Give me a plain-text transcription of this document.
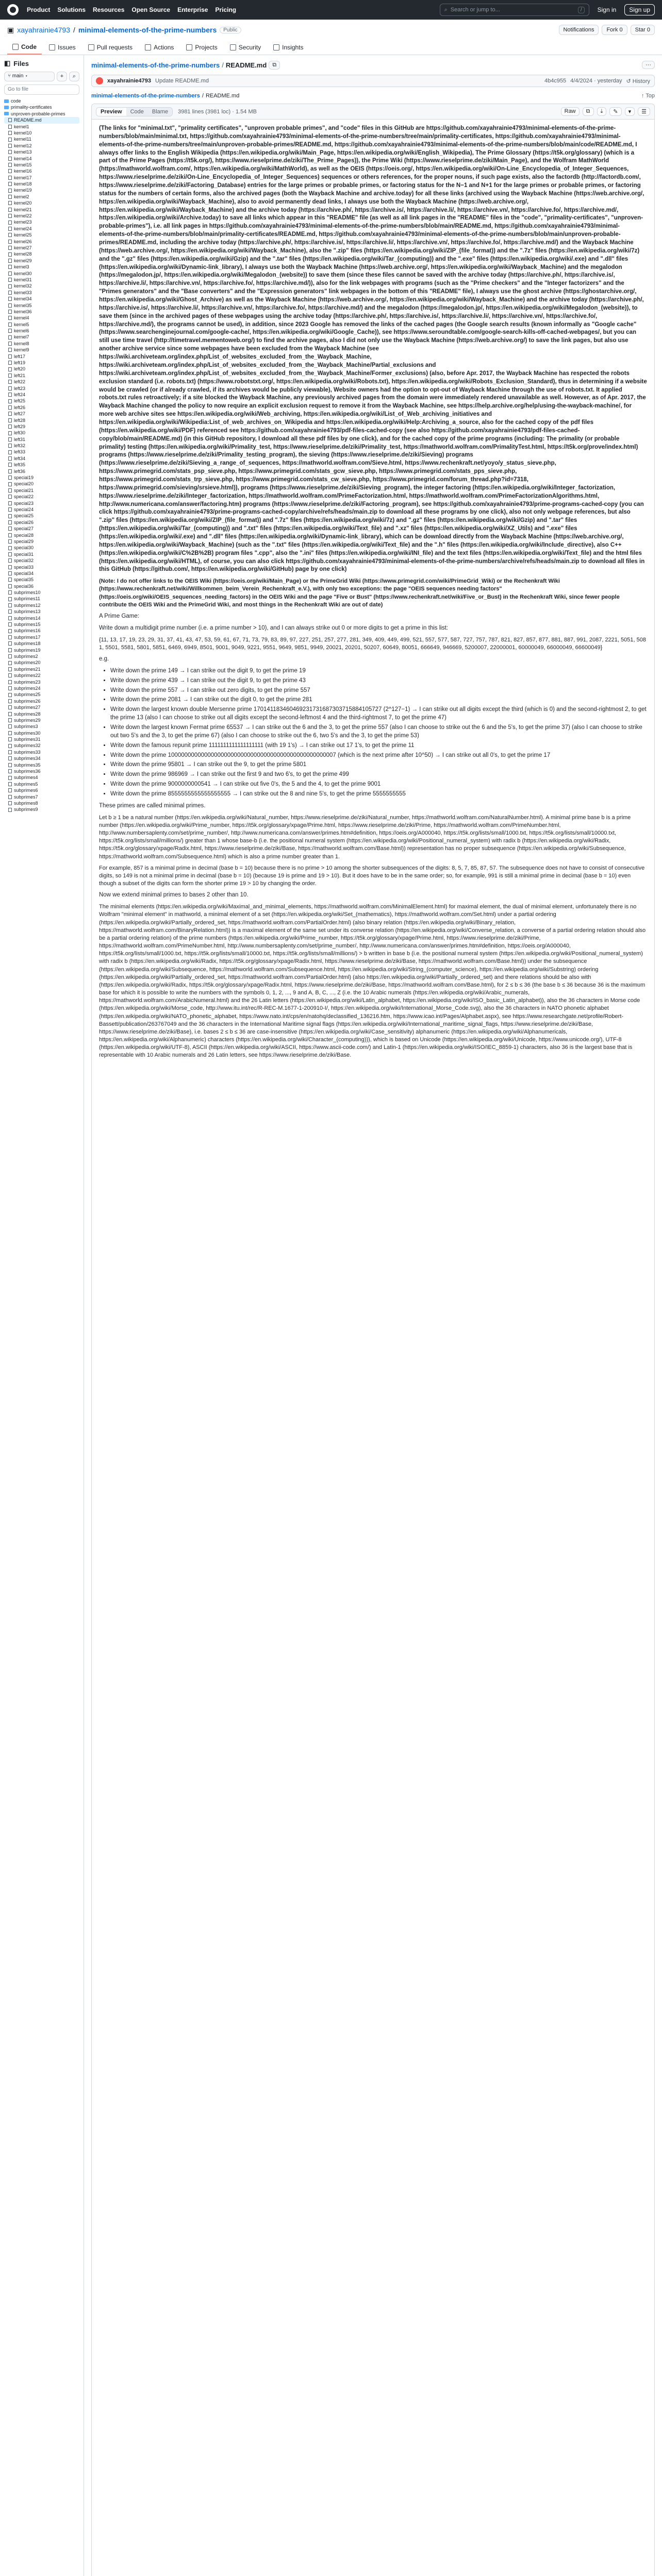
Product Solutions Resources Open Source Enterprise Pricing	⌕ Search or jump to...	/	Sign in	Sign up
▣ xayahrainie4793 / minimal-elements-of-the-prime-numbers	Public	Notifications	Fork 0	Star 0
Code	Issues	Pull requests	Actions	Projects	Security	Insights
◧ Files
⑂ main ▾	+	⌕
Go to file
code
primality-certificates
unproven-probable-primes
README.md
kernel1
kernel10
kernel11
kernel12
kernel13
kernel14
kernel15
kernel16
kernel17
kernel18
kernel19
kernel2
kernel20
kernel21
kernel22
kernel23
kernel24
kernel25
kernel26
kernel27
kernel28
kernel29
kernel3
kernel30
kernel31
kernel32
kernel33
kernel34
kernel35
kernel36
kernel4
kernel5
kernel6
kernel7
kernel8
kernel9
left17
left19
left20
left21
left22
left23
left24
left25
left26
left27
left28
left29
left30
left31
left32
left33
left34
left35
left36
special19
special20
special21
special22
special23
special24
special25
special26
special27
special28
special29
special30
special31
special32
special33
special34
special35
special36
subprimes10
subprimes11
subprimes12
subprimes13
subprimes14
subprimes15
subprimes16
subprimes17
subprimes18
subprimes19
subprimes2
subprimes20
subprimes21
subprimes22
subprimes23
subprimes24
subprimes25
subprimes26
subprimes27
subprimes28
subprimes29
subprimes3
subprimes30
subprimes31
subprimes32
subprimes33
subprimes34
subprimes35
subprimes36
subprimes4
subprimes5
subprimes6
subprimes7
subprimes8
subprimes9
minimal-elements-of-the-prime-numbers / README.md	⧉	···
xayahrainie4793 Update README.md	4b4c955 4/4/2024 · yesterday ↺ History
minimal-elements-of-the-prime-numbers / README.md	↑ Top
Preview	Code	Blame	3981 lines (3981 loc) · 1.54 MB	Raw	⧉	⤓	✎	▾	☰

(The links for "minimal.txt", "primality certificates", "unproven probable primes", and "code" files in this GitHub are https://github.com/xayahrainie4793/minimal-elements-of-the-prime-numbers/blob/main/minimal.txt, https://github.com/xayahrainie4793/minimal-elements-of-the-prime-numbers/tree/main/primality-certificates, https://github.com/xayahrainie4793/minimal-elements-of-the-prime-numbers/tree/main/unproven-probable-primes/README.md, https://github.com/xayahrainie4793/minimal-elements-of-the-prime-numbers/blob/main/code/README.md, I always offer links to the English Wikipedia (https://en.wikipedia.org/wiki/Main_Page, https://en.wikipedia.org/wiki/English_Wikipedia), The Prime Glossary (https://t5k.org/glossary) (which is a part of the Prime Pages (https://t5k.org/), https://www.rieselprime.de/ziki/The_Prime_Pages)), the Prime Wiki (https://www.rieselprime.de/ziki/Main_Page), and the Wolfram MathWorld (https://mathworld.wolfram.com/, https://en.wikipedia.org/wiki/MathWorld), as well as the OEIS (https://oeis.org/, https://en.wikipedia.org/wiki/On-Line_Encyclopedia_of_Integer_Sequences, https://www.rieselprime.de/ziki/On-Line_Encyclopedia_of_Integer_Sequences) sequences or others references, for the proper nouns, if such page exists, also the factordb (http://factordb.com/, https://www.rieselprime.de/ziki/Factoring_Database) entries for the large primes or probable primes, or factoring status for the N−1 and N+1 for the large primes or probable primes, or factoring status for the numbers of certain forms, also the archived pages (both the Wayback Machine and archive.today) for all these links (archived using the Wayback Machine (https://web.archive.org/, https://en.wikipedia.org/wiki/Wayback_Machine), also to avoid permanently dead links, I always use both the Wayback Machine (https://web.archive.org/, https://en.wikipedia.org/wiki/Wayback_Machine) and the archive today (https://archive.ph/, https://archive.is/, https://archive.li/, https://archive.vn/, https://archive.fo/, https://archive.md/, https://en.wikipedia.org/wiki/Archive.today) to save all links which appear in this "README" file (as well as all link pages in the "README" files in the "code", "primality-certificates", "unproven-probable-primes"), i.e. all link pages in https://github.com/xayahrainie4793/minimal-elements-of-the-prime-numbers/blob/main/README.md, https://github.com/xayahrainie4793/minimal-elements-of-the-prime-numbers/blob/main/primality-certificates/README.md, https://github.com/xayahrainie4793/minimal-elements-of-the-prime-numbers/blob/main/unproven-probable-primes/README.md, including the archive today (https://archive.ph/, https://archive.is/, https://archive.li/, https://archive.vn/, https://archive.fo/, https://archive.md/) and the Wayback Machine (https://web.archive.org/, https://en.wikipedia.org/wiki/Wayback_Machine), also the ".zip" files (https://en.wikipedia.org/wiki/ZIP_(file_format)) and the ".7z" files (https://en.wikipedia.org/wiki/7z) and the ".gz" files (https://en.wikipedia.org/wiki/Gzip) and the ".tar" files (https://en.wikipedia.org/wiki/Tar_(computing)) and the ".exe" files (https://en.wikipedia.org/wiki/.exe) and ".dll" files (https://en.wikipedia.org/wiki/Dynamic-link_library), I always use both the Wayback Machine (https://web.archive.org/, https://en.wikipedia.org/wiki/Wayback_Machine) and the megalodon (https://megalodon.jp/, https://en.wikipedia.org/wiki/Megalodon_(website)) to save them (since these files cannot be saved with the archive today (https://archive.ph/, https://archive.is/, https://archive.li/, https://archive.vn/, https://archive.fo/, https://archive.md/)), also for the link webpages with programs (such as the "Prime checkers" and the "Integer factorizers" and the "Primes generators" and the "Base converters" and the "Expression generators" link webpages in the bottom of this "README" file), I always use the ghost archive (https://ghostarchive.org/, https://en.wikipedia.org/wiki/Ghost_Archive) as well as the Wayback Machine (https://web.archive.org/, https://en.wikipedia.org/wiki/Wayback_Machine) and the archive today (https://archive.ph/, https://archive.is/, https://archive.li/, https://archive.vn/, https://archive.fo/, https://archive.md/) and the megalodon (https://megalodon.jp/, https://en.wikipedia.org/wiki/Megalodon_(website)), to save them (since in the archived pages of these webpages using the archive today (https://archive.ph/, https://archive.is/, https://archive.li/, https://archive.vn/, https://archive.fo/, https://archive.md/), the programs cannot be used), in addition, since 2023 Google has removed the links of the cached pages (the Google search results (known informally as "Google cache" (https://www.searchenginejournal.com/google-cache/, https://en.wikipedia.org/wiki/Google_Cache)), see https://www.seroundtable.com/google-search-kills-off-cached-webpages/, but you can still use time travel (http://timetravel.mementoweb.org/) to find the archive pages, also I did not only use the Wayback Machine (https://web.archive.org/) to save the link pages, but also use another archive service since some webpages have been excluded from the Wayback Machine (see https://wiki.archiveteam.org/index.php/List_of_websites_excluded_from_the_Wayback_Machine, https://wiki.archiveteam.org/index.php/List_of_websites_excluded_from_the_Wayback_Machine/Partial_exclusions and https://wiki.archiveteam.org/index.php/List_of_websites_excluded_from_the_Wayback_Machine/Former_exclusions) (also, before Apr. 2017, the Wayback Machine has respected the robots exclusion standard (i.e. robots.txt) (https://www.robotstxt.org/, https://en.wikipedia.org/wiki/Robots.txt), https://en.wikipedia.org/wiki/Robots_Exclusion_Standard), thus in determining if a website would be crawled (or if already crawled, if its archives would be publicly viewable), Website owners had the option to opt-out of Wayback Machine through the use of robots.txt. It applied robots.txt rules retroactively; if a site blocked the Wayback Machine, any previously archived pages from the domain were immediately rendered unavailable as well. However, as of Apr. 2017, the Wayback Machine changed the policy to now require an explicit exclusion request to remove it from the Wayback Machine, see https://help.archive.org/help/using-the-wayback-machine/, for more web archive sites see https://en.wikipedia.org/wiki/Web_archiving, https://en.wikipedia.org/wiki/List_of_Web_archiving_initiatives and https://en.wikipedia.org/wiki/Wikipedia:List_of_web_archives_on_Wikipedia and https://en.wikipedia.org/wiki/Help:Archiving_a_source, also for the cached copy of the pdf files (https://en.wikipedia.org/wiki/PDF) referenced see https://github.com/xayahrainie4793/pdf-files-cached-copy (see also https://github.com/xayahrainie4793/pdf-files-cached-copy/blob/main/README.md) (in this GitHub repository, I download all these pdf files by one click), and for the cached copy of the prime programs (including: The primality (or probable primality) testing (https://en.wikipedia.org/wiki/Primality_test, https://www.rieselprime.de/ziki/Primality_test, https://mathworld.wolfram.com/PrimalityTest.html, https://t5k.org/prove/index.html) programs (https://www.rieselprime.de/ziki/Primality_testing_program), the sieving (https://www.rieselprime.de/ziki/Sieving) programs (https://www.rieselprime.de/ziki/Sieving_a_range_of_sequences, https://mathworld.wolfram.com/Sieve.html, https://www.rechenkraft.net/yoyo/y_status_sieve.php, https://www.primegrid.com/stats_psp_sieve.php, https://www.primegrid.com/stats_gcw_sieve.php, https://www.primegrid.com/stats_pps_sieve.php, https://www.primegrid.com/stats_trp_sieve.php, https://www.primegrid.com/stats_cw_sieve.php, https://www.primegrid.com/forum_thread.php?id=7318, https://www.primegrid.com/sieving/srsieve.html)), programs (https://www.rieselprime.de/ziki/Sieving_program), the integer factoring (https://en.wikipedia.org/wiki/Integer_factorization, https://www.rieselprime.de/ziki/Integer_factorization, https://mathworld.wolfram.com/PrimeFactorization.html, https://mathworld.wolfram.com/PrimeFactorizationAlgorithms.html, http://www.numericana.com/answer/factoring.htm) programs (https://www.rieselprime.de/ziki/Factoring_program), see https://github.com/xayahrainie4793/prime-programs-cached-copy (you can click https://github.com/xayahrainie4793/prime-programs-cached-copy/archive/refs/heads/main.zip to download all these programs by one click), also not only webpage references, but also ".zip" files (https://en.wikipedia.org/wiki/ZIP_(file_format)) and ".7z" files (https://en.wikipedia.org/wiki/7z) and ".gz" files (https://en.wikipedia.org/wiki/Gzip) and ".tar" files (https://en.wikipedia.org/wiki/Tar_(computing)) and ".txt" files (https://en.wikipedia.org/wiki/Text_file) and ".xz" files (https://en.wikipedia.org/wiki/XZ_Utils) and ".exe" files (https://en.wikipedia.org/wiki/.exe) and ".dll" files (https://en.wikipedia.org/wiki/Dynamic-link_library), which can be download directly from the Wayback Machine (https://web.archive.org/, https://en.wikipedia.org/wiki/Wayback_Machine) (such as the ".txt" files (https://en.wikipedia.org/wiki/Text_file) and the ".h" files (https://en.wikipedia.org/wiki/Include_directive), also C++ (https://en.wikipedia.org/wiki/C%2B%2B) program files ".cpp", also the ".ini" files (https://en.wikipedia.org/wiki/INI_file) and the text files (https://en.wikipedia.org/wiki/Text_file) and the html files (https://en.wikipedia.org/wiki/HTML), of course, you can also click https://github.com/xayahrainie4793/minimal-elements-of-the-prime-numbers/archive/refs/heads/main.zip to download all files in this GitHub (https://github.com/, https://en.wikipedia.org/wiki/GitHub) page by one click)

(Note: I do not offer links to the OEIS Wiki (https://oeis.org/wiki/Main_Page) or the PrimeGrid Wiki (https://www.primegrid.com/wiki/PrimeGrid_Wiki) or the Rechenkraft Wiki (https://www.rechenkraft.net/wiki/Willkommen_beim_Verein_Rechenkraft_e.V.), with only two exceptions: the page "OEIS sequences needing factors" (https://oeis.org/wiki/OEIS_sequences_needing_factors) in the OEIS Wiki and the page "Five or Bust" (https://www.rechenkraft.net/wiki/Five_or_Bust) in the Rechenkraft Wiki, since fewer people contribute the OEIS Wiki and the PrimeGrid Wiki, and most things in the Rechenkraft Wiki are out of date)

A Prime Game:

Write down a multidigit prime number (i.e. a prime number > 10), and I can always strike out 0 or more digits to get a prime in this list:

{11, 13, 17, 19, 23, 29, 31, 37, 41, 43, 47, 53, 59, 61, 67, 71, 73, 79, 83, 89, 97, 227, 251, 257, 277, 281, 349, 409, 449, 499, 521, 557, 577, 587, 727, 757, 787, 821, 827, 857, 877, 881, 887, 991, 2087, 2221, 5051, 5081, 5501, 5581, 5801, 5851, 6469, 6949, 8501, 9001, 9049, 9221, 9551, 9649, 9851, 9949, 20021, 20201, 50207, 60649, 80051, 666649, 946669, 5200007, 22000001, 60000049, 66000049, 66600049}

e.g.

• Write down the prime 149 → I can strike out the digit 9, to get the prime 19
• Write down the prime 439 → I can strike out the digit 9, to get the prime 43
• Write down the prime 557 → I can strike out zero digits, to get the prime 557
• Write down the prime 2081 → I can strike out the digit 0, to get the prime 281
• Write down the largest known double Mersenne prime 170141183460469231731687303715884105727 (2^127−1) → I can strike out all digits except the third (which is 0) and the second-rightmost 2, to get the prime 13 (also I can choose to strike out all digits except the second-leftmost 4 and the third-rightmost 7, to get the prime 47)
• Write down the largest known Fermat prime 65537 → I can strike out the 6 and the 3, to get the prime 557 (also I can choose to strike out the 6 and the 5's, to get the prime 37) (also I can choose to strike out two 5's and the 3, to get the prime 67) (also I can choose to strike out the 6, two 5's and the 3, to get the prime 53)
• Write down the famous repunit prime 1111111111111111111 (with 19 1's) → I can strike out 17 1's, to get the prime 11
• Write down the prime 100000000000000000000000000000000000000000000000007 (which is the next prime after 10^50) → I can strike out all 0's, to get the prime 17
• Write down the prime 95801 → I can strike out the 9, to get the prime 5801
• Write down the prime 986969 → I can strike out the first 9 and two 6's, to get the prime 499
• Write down the prime 9000000000541 → I can strike out five 0's, the 5 and the 4, to get the prime 9001
• Write down the prime 8555555555555555555 → I can strike out the 8 and nine 5's, to get the prime 5555555555

These primes are called minimal primes.

Let b ≥ 1 be a natural number (https://en.wikipedia.org/wiki/Natural_number, https://www.rieselprime.de/ziki/Natural_number, https://mathworld.wolfram.com/NaturalNumber.html). A minimal prime base b is a prime number (https://en.wikipedia.org/wiki/Prime_number, https://t5k.org/glossary/xpage/Prime.html, https://www.rieselprime.de/ziki/Prime, https://mathworld.wolfram.com/PrimeNumber.html, http://www.numbersaplenty.com/set/prime_number/, http://www.numericana.com/answer/primes.htm#definition, https://oeis.org/A000040, https://t5k.org/lists/small/1000.txt, https://t5k.org/lists/small/10000.txt, https://t5k.org/lists/small/millions/) greater than 1 whose base-b (i.e. the positional numeral system (https://en.wikipedia.org/wiki/Positional_numeral_system) with radix b (https://en.wikipedia.org/wiki/Radix, https://t5k.org/glossary/xpage/Radix.html, https://www.rieselprime.de/ziki/Base, https://mathworld.wolfram.com/Base.html)) representation has no proper subsequence (https://en.wikipedia.org/wiki/Subsequence, https://mathworld.wolfram.com/Subsequence.html) which is also a prime number greater than 1.

For example, 857 is a minimal prime in decimal (base b = 10) because there is no prime > 10 among the shorter subsequences of the digits: 8, 5, 7, 85, 87, 57. The subsequence does not have to consist of consecutive digits, so 149 is not a minimal prime in decimal (base b = 10) (because 19 is prime and 19 > 10). But it does have to be in the same order; so, for example, 991 is still a minimal prime in decimal (base b = 10) even though a subset of the digits can form the shorter prime 19 > 10 by changing the order.

Now we extend minimal primes to bases 2 other than 10.

The minimal elements (https://en.wikipedia.org/wiki/Maximal_and_minimal_elements, https://mathworld.wolfram.com/MinimalElement.html) for maximal element, the dual of minimal element, unfortunately there is no Wolfram "minimal element" in mathworld, a minimal element of a set (https://en.wikipedia.org/wiki/Set_(mathematics), https://mathworld.wolfram.com/Set.html) under a partial ordering (https://en.wikipedia.org/wiki/Partially_ordered_set, https://mathworld.wolfram.com/PartialOrder.html) (also binary relation (https://en.wikipedia.org/wiki/Binary_relation, https://mathworld.wolfram.com/BinaryRelation.html)) is a maximal element of the same set under its converse relation (https://en.wikipedia.org/wiki/Converse_relation, a converse of a partial ordering relation should also be a partial ordering relation) of the prime numbers (https://en.wikipedia.org/wiki/Prime_number, https://t5k.org/glossary/xpage/Prime.html, https://www.rieselprime.de/ziki/Prime, https://mathworld.wolfram.com/PrimeNumber.html, http://www.numbersaplenty.com/set/prime_number/, http://www.numericana.com/answer/primes.htm#definition, https://oeis.org/A000040, https://t5k.org/lists/small/1000.txt, https://t5k.org/lists/small/10000.txt, https://t5k.org/lists/small/millions/) > b written in base b (i.e. the positional numeral system (https://en.wikipedia.org/wiki/Positional_numeral_system) with radix b (https://en.wikipedia.org/wiki/Radix, https://t5k.org/glossary/xpage/Radix.html, https://www.rieselprime.de/ziki/Base, https://mathworld.wolfram.com/Base.html)) under the subsequence (https://en.wikipedia.org/wiki/Subsequence, https://mathworld.wolfram.com/Subsequence.html, https://en.wikipedia.org/wiki/String_(computer_science), https://en.wikipedia.org/wiki/Substring) ordering (https://en.wikipedia.org/wiki/Partially_ordered_set, https://mathworld.wolfram.com/PartialOrder.html) (also https://en.wikipedia.org/wiki/Partially_ordered_set) and there relations should be also with (https://en.wikipedia.org/wiki/Radix, https://t5k.org/glossary/xpage/Radix.html, https://www.rieselprime.de/ziki/Base, https://mathworld.wolfram.com/Base.html), for 2 ≤ b ≤ 36 (the base b ≤ 36 because 36 is the maximum base for which it is possible to write the numbers with the symbols 0, 1, 2, ..., 9 and A, B, C, ..., Z (i.e. the 10 Arabic numerals (https://en.wikipedia.org/wiki/Arabic_numerals, https://mathworld.wolfram.com/ArabicNumeral.html) and the 26 Latin letters (https://en.wikipedia.org/wiki/Latin_alphabet, https://en.wikipedia.org/wiki/ISO_basic_Latin_alphabet)), also the 36 characters in Morse code (https://en.wikipedia.org/wiki/Morse_code, http://www.itu.int/rec/R-REC-M.1677-1-200910-I/, https://en.wikipedia.org/wiki/International_Morse_Code.svg), also the 36 characters in NATO phonetic alphabet (https://en.wikipedia.org/wiki/NATO_phonetic_alphabet, https://www.nato.int/cps/en/natohq/declassified_136216.htm, https://www.icao.int/Pages/Alphabet.aspx), see https://www.researchgate.net/profile/Robert-Bassett/publication/263767049 and the 36 characters in the International Maritime signal flags (https://en.wikipedia.org/wiki/International_maritime_signal_flags, https://www.rieselprime.de/ziki/Base, https://www.rieselprime.de/ziki/Base), i.e. bases 2 ≤ b ≤ 36 are case-insensitive (https://en.wikipedia.org/wiki/Case_sensitivity) alphanumeric (https://en.wikipedia.org/wiki/Alphanumericals, https://en.wikipedia.org/wiki/Alphanumeric) characters (https://en.wikipedia.org/wiki/Character_(computing))), which is based on Unicode (https://en.wikipedia.org/wiki/Unicode, https://www.unicode.org/), UTF-8 (https://en.wikipedia.org/wiki/UTF-8), ASCII (https://en.wikipedia.org/wiki/ASCII, https://www.ascii-code.com/) and Latin-1 (https://en.wikipedia.org/wiki/ISO/IEC_8859-1) characters, also 36 is the largest base that is representable with 10 Arabic numerals and 26 Latin letters, see https://www.rieselprime.de/ziki/Base.
